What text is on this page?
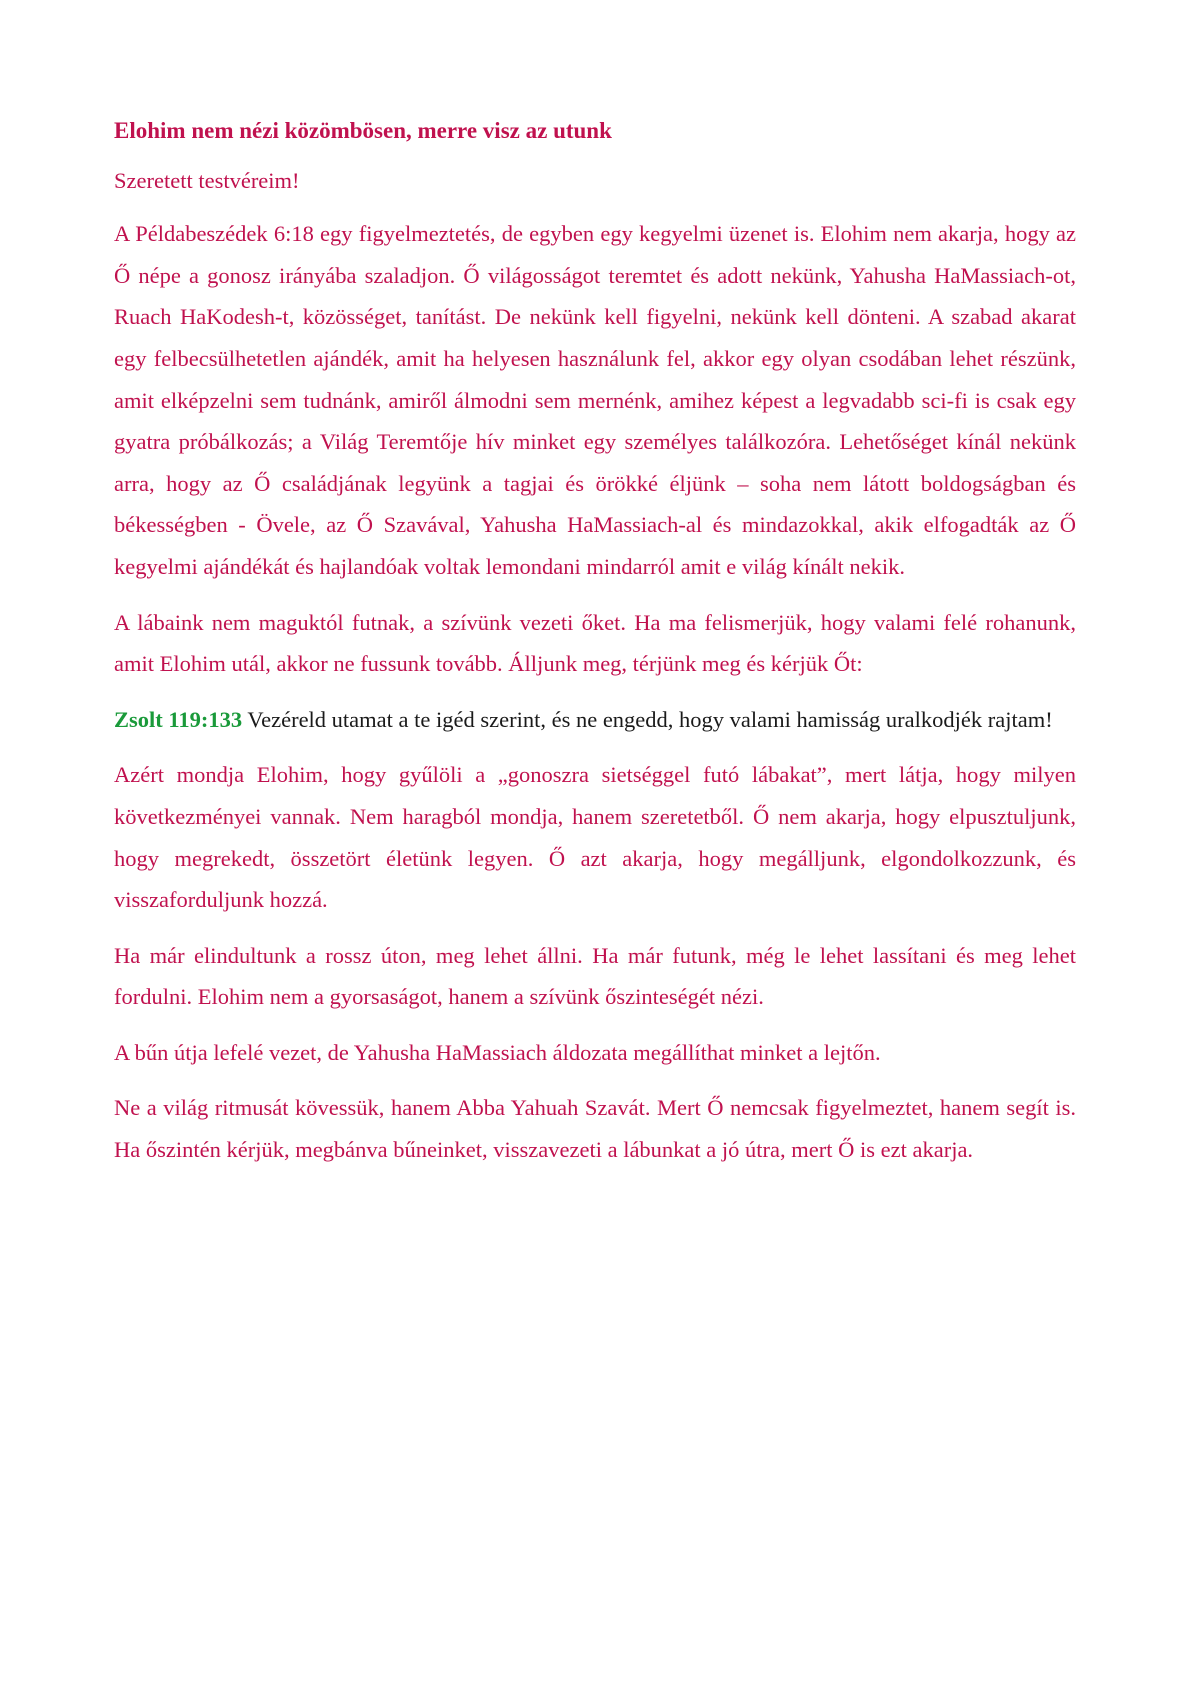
Elohim nem nézi közömbösen, merre visz az utunk

Szeretett testvéreim!

A Példabeszédek 6:18 egy figyelmeztetés, de egyben egy kegyelmi üzenet is. Elohim nem akarja, hogy az Ő népe a gonosz irányába szaladjon. Ő világosságot teremtet és adott nekünk, Yahusha HaMassiach-ot, Ruach HaKodesh-t, közösséget, tanítást. De nekünk kell figyelni, nekünk kell dönteni. A szabad akarat egy felbecsülhetetlen ajándék, amit ha helyesen használunk fel, akkor egy olyan csodában lehet részünk, amit elképzelni sem tudnánk, amiről álmodni sem mernénk, amihez képest a legvadabb sci-fi is csak egy gyatra próbálkozás; a Világ Teremtője hív minket egy személyes találkozóra. Lehetőséget kínál nekünk arra, hogy az Ő családjának legyünk a tagjai és örökké éljünk – soha nem látott boldogságban és békességben - Övele, az Ő Szavával, Yahusha HaMassiach-al és mindazokkal, akik elfogadták az Ő kegyelmi ajándékát és hajlandóak voltak lemondani mindarról amit e világ kínált nekik.

A lábaink nem maguktól futnak, a szívünk vezeti őket. Ha ma felismerjük, hogy valami felé rohanunk, amit Elohim utál, akkor ne fussunk tovább. Álljunk meg, térjünk meg és kérjük Őt:

Zsolt 119:133 Vezéreld utamat a te igéd szerint, és ne engedd, hogy valami hamisság uralkodjék rajtam!

Azért mondja Elohim, hogy gyűlöli a „gonoszra sietséggel futó lábakat”, mert látja, hogy milyen következményei vannak. Nem haragból mondja, hanem szeretetből. Ő nem akarja, hogy elpusztuljunk, hogy megrekedt, összetört életünk legyen. Ő azt akarja, hogy megálljunk, elgondolkozzunk, és visszaforduljunk hozzá.

Ha már elindultunk a rossz úton, meg lehet állni. Ha már futunk, még le lehet lassítani és meg lehet fordulni. Elohim nem a gyorsaságot, hanem a szívünk őszinteségét nézi.

A bűn útja lefelé vezet, de Yahusha HaMassiach áldozata megállíthat minket a lejtőn.

Ne a világ ritmusát kövessük, hanem Abba Yahuah Szavát. Mert Ő nemcsak figyelmeztet, hanem segít is. Ha őszintén kérjük, megbánva bűneinket, visszavezeti a lábunkat a jó útra, mert Ő is ezt akarja.
